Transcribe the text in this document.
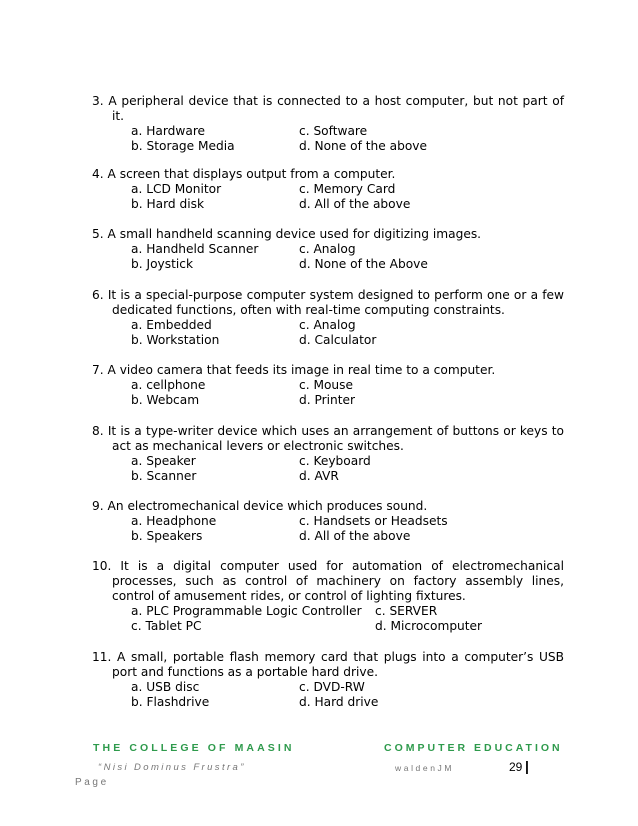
3. A peripheral device that is connected to a host computer, but not part of it.
a. Hardware
b. Storage Media
c. Software
d. None of the above
4. A screen that displays output from a computer.
a. LCD Monitor
b. Hard disk
c. Memory Card
d. All of the above
5. A small handheld scanning device used for digitizing images.
a. Handheld Scanner
b. Joystick
c. Analog
d. None of the Above
6. It is a special-purpose computer system designed to perform one or a few dedicated functions, often with real-time computing constraints.
a. Embedded
b. Workstation
c. Analog
d. Calculator
7. A video camera that feeds its image in real time to a computer.
a. cellphone
b. Webcam
c. Mouse
d. Printer
8. It is a type-writer device which uses an arrangement of buttons or keys to act as mechanical levers or electronic switches.
a. Speaker
b. Scanner
c. Keyboard
d. AVR
9. An electromechanical device which produces sound.
a. Headphone
b. Speakers
c. Handsets or Headsets
d. All of the above
10. It is a digital computer used for automation of electromechanical processes, such as control of machinery on factory assembly lines, control of amusement rides, or control of lighting fixtures.
a. PLC Programmable Logic Controller
c. Tablet PC
c. SERVER
d. Microcomputer
11. A small, portable flash memory card that plugs into a computer’s USB port and functions as a portable hard drive.
a. USB disc
b. Flashdrive
c. DVD-RW
d. Hard drive
THE COLLEGE OF MAASIN	COMPUTER EDUCATION
“Nisi Dominus Frustra”	waldenJM	29 |
Page
